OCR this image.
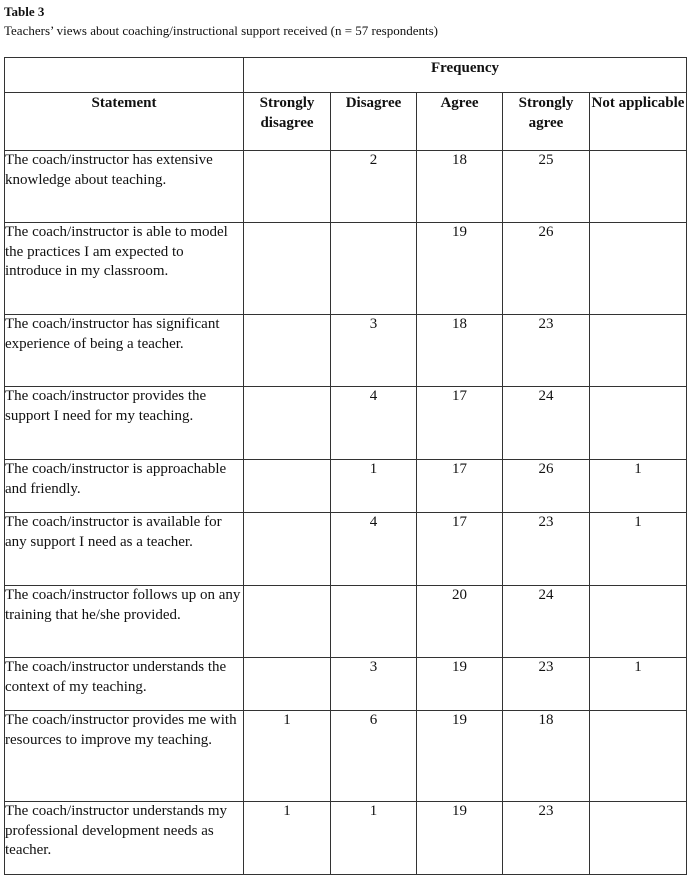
Table 3
Teachers’ views about coaching/instructional support received (n = 57 respondents)
	Frequency				
Statement	Strongly disagree	Disagree	Agree	Strongly agree	Not applicable
The coach/instructor has extensive knowledge about teaching.		2	18	25	
The coach/instructor is able to model the practices I am expected to introduce in my classroom.			19	26	
The coach/instructor has significant experience of being a teacher.		3	18	23	
The coach/instructor provides the support I need for my teaching.		4	17	24	
The coach/instructor is approachable and friendly.		1	17	26	1
The coach/instructor is available for any support I need as a teacher.		4	17	23	1
The coach/instructor follows up on any training that he/she provided.			20	24	
The coach/instructor understands the context of my teaching.		3	19	23	1
The coach/instructor provides me with resources to improve my teaching.	1	6	19	18	
The coach/instructor understands my professional development needs as teacher.	1	1	19	23	
